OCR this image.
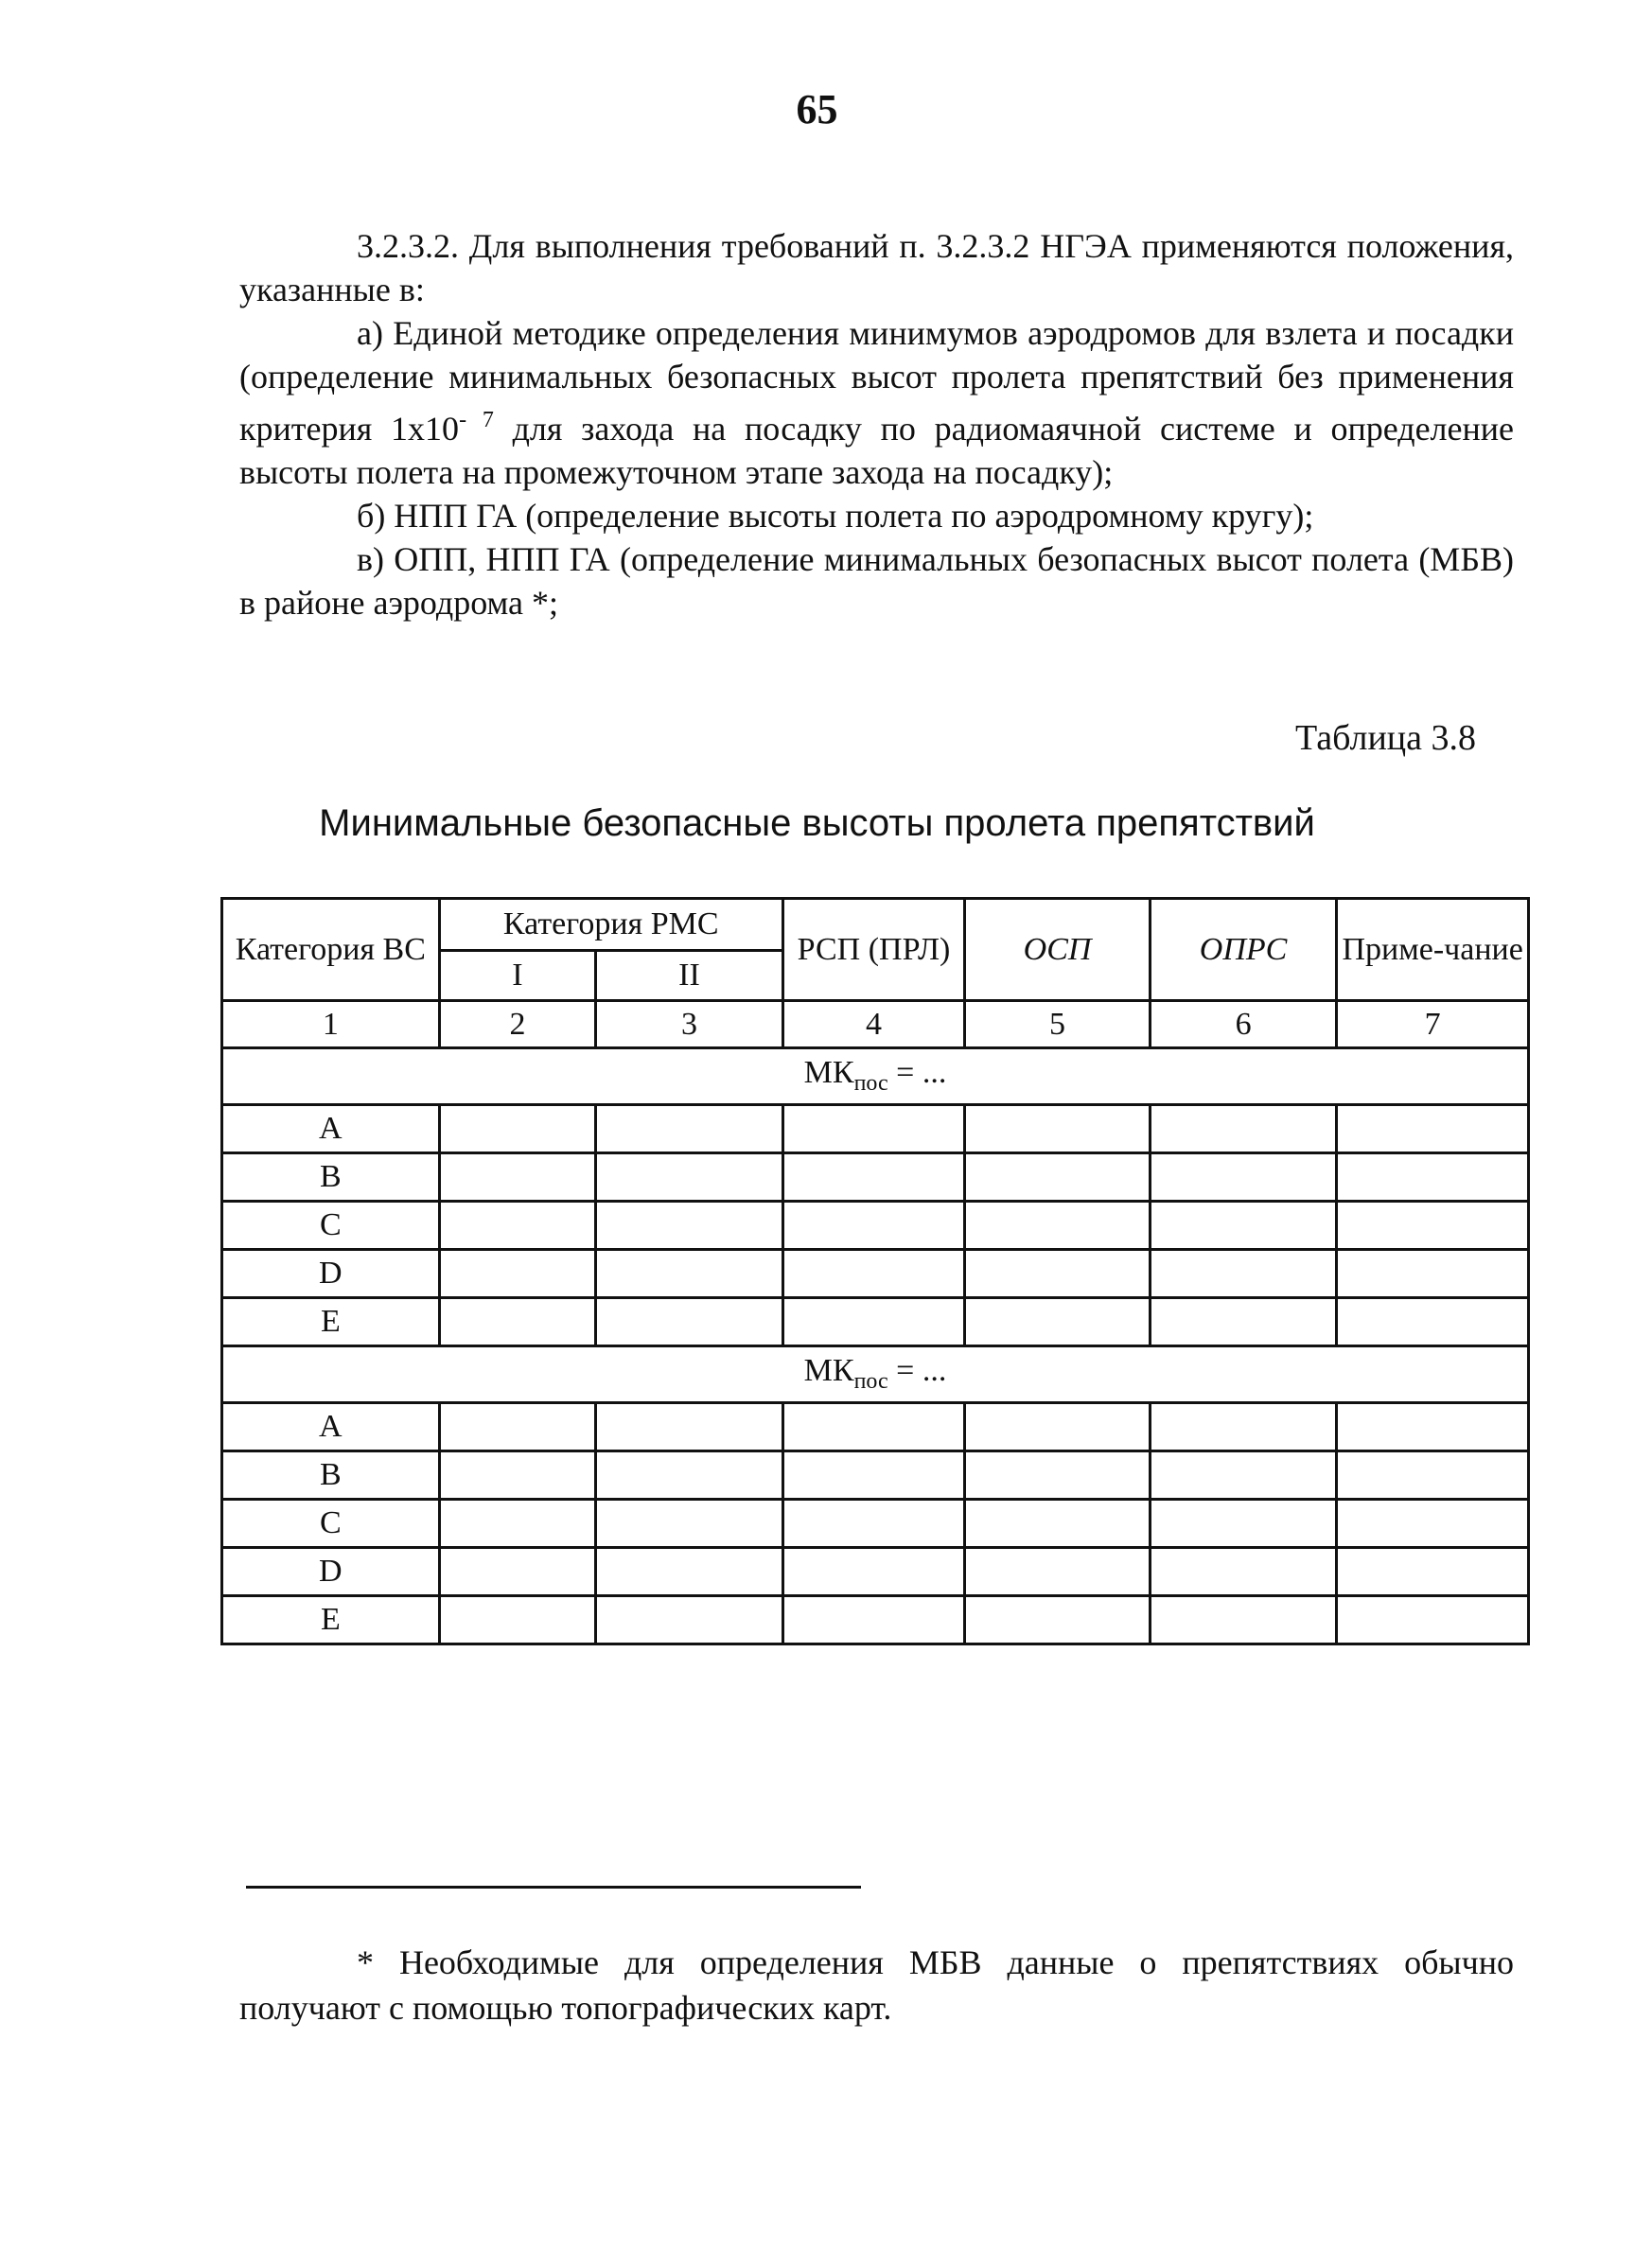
65

3.2.3.2. Для выполнения требований п. 3.2.3.2 НГЭА применяются положения, указанные в:

а) Единой методике определения минимумов аэродромов для взлета и посадки (определение минимальных безопасных высот пролета препятствий без применения критерия $1х10^{- 7}$ для захода на посадку по радиомаячной системе и определение высоты полета на промежуточном этапе захода на посадку);

б) НПП ГА (определение высоты полета по аэродромному кругу);

в) ОПП, НПП ГА (определение минимальных безопасных высот полета (МБВ) в районе аэродрома *;

Таблица 3.8
Минимальные безопасные высоты пролета препятствий
Категория ВС	Категория РМС		РСП (ПРЛ)	ОСП	ОПРС	Приме-чание
	I	II				
1	2	3	4	5	6	7
$МК_{пос}$ = ...						
A						
B						
C						
D						
E						
$МК_{пос}$ = ...						
A						
B						
C						
D						
E						

* Необходимые для определения МБВ данные о препятствиях обычно получают с помощью топографических карт.
